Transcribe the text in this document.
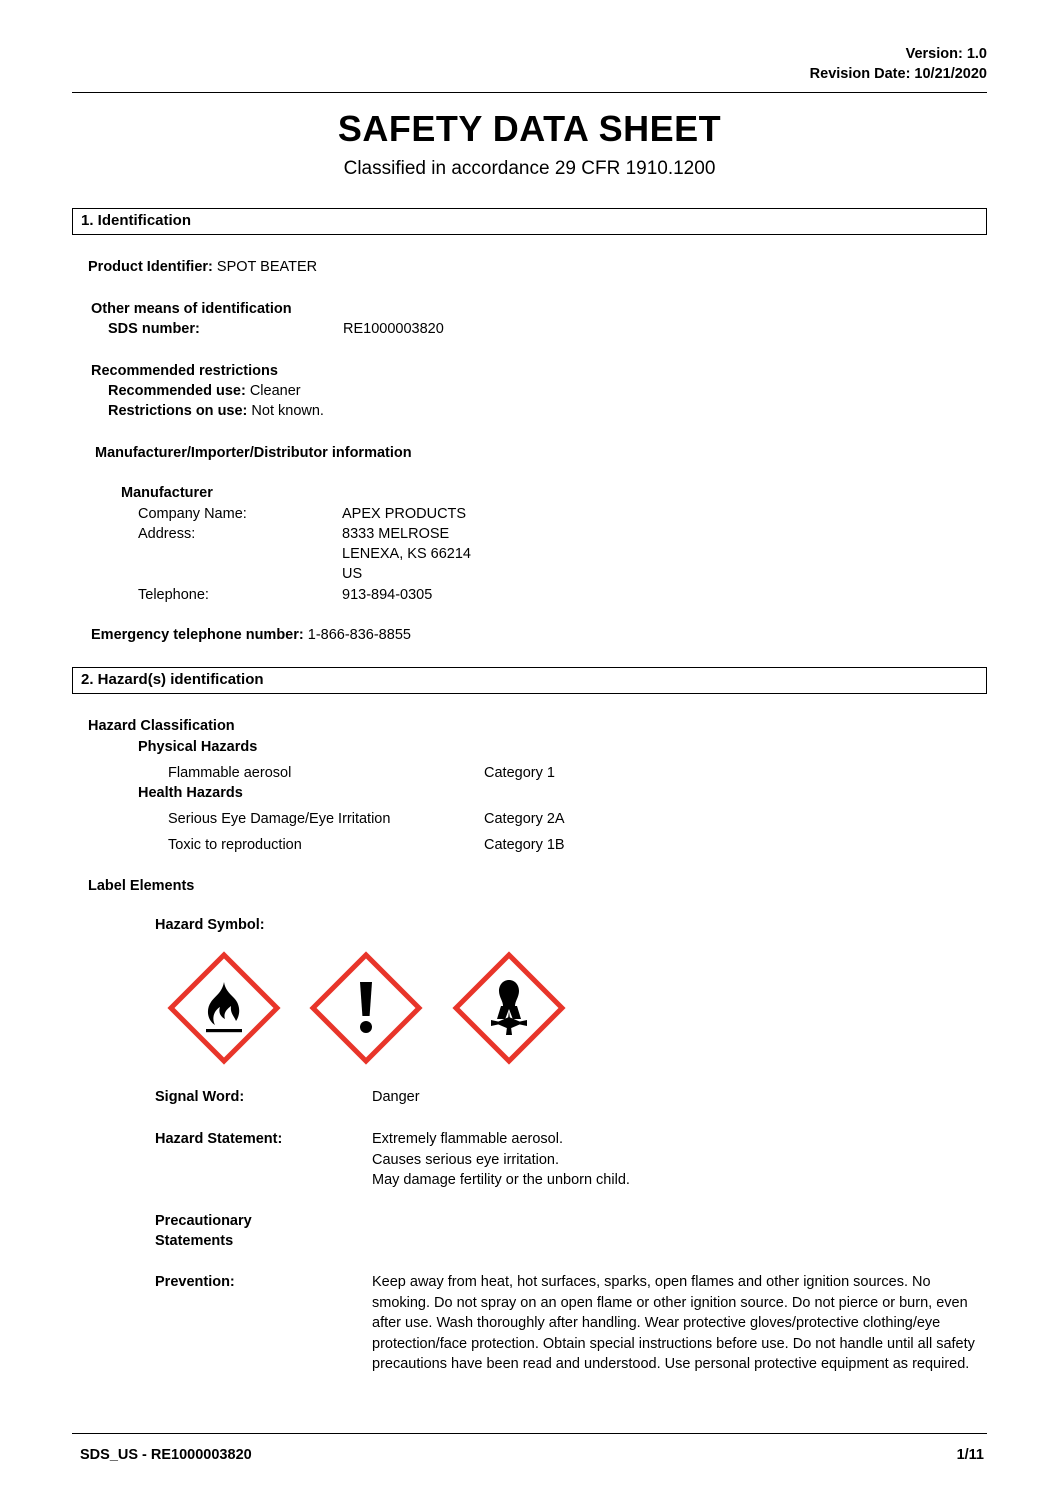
Version: 1.0
Revision Date: 10/21/2020
SAFETY DATA SHEET
Classified in accordance 29 CFR 1910.1200
1. Identification
Product Identifier: SPOT BEATER
Other means of identification
SDS number:	RE1000003820
Recommended restrictions
Recommended use: Cleaner
Restrictions on use: Not known.
Manufacturer/Importer/Distributor information
Manufacturer
Company Name:	APEX PRODUCTS
Address:	8333 MELROSE
LENEXA, KS 66214
US
Telephone:	913-894-0305
Emergency telephone number: 1-866-836-8855
2. Hazard(s) identification
Hazard Classification
Physical Hazards
Flammable aerosol	Category 1
Health Hazards
Serious Eye Damage/Eye Irritation	Category 2A
Toxic to reproduction	Category 1B
Label Elements
Hazard Symbol:

Signal Word:	Danger
Hazard Statement:	Extremely flammable aerosol.
Causes serious eye irritation.
May damage fertility or the unborn child.
Precautionary
Statements
Prevention:	Keep away from heat, hot surfaces, sparks, open flames and other ignition sources. No smoking. Do not spray on an open flame or other ignition source. Do not pierce or burn, even after use. Wash thoroughly after handling. Wear protective gloves/protective clothing/eye protection/face protection. Obtain special instructions before use. Do not handle until all safety precautions have been read and understood. Use personal protective equipment as required.
SDS_US - RE1000003820	1/11
